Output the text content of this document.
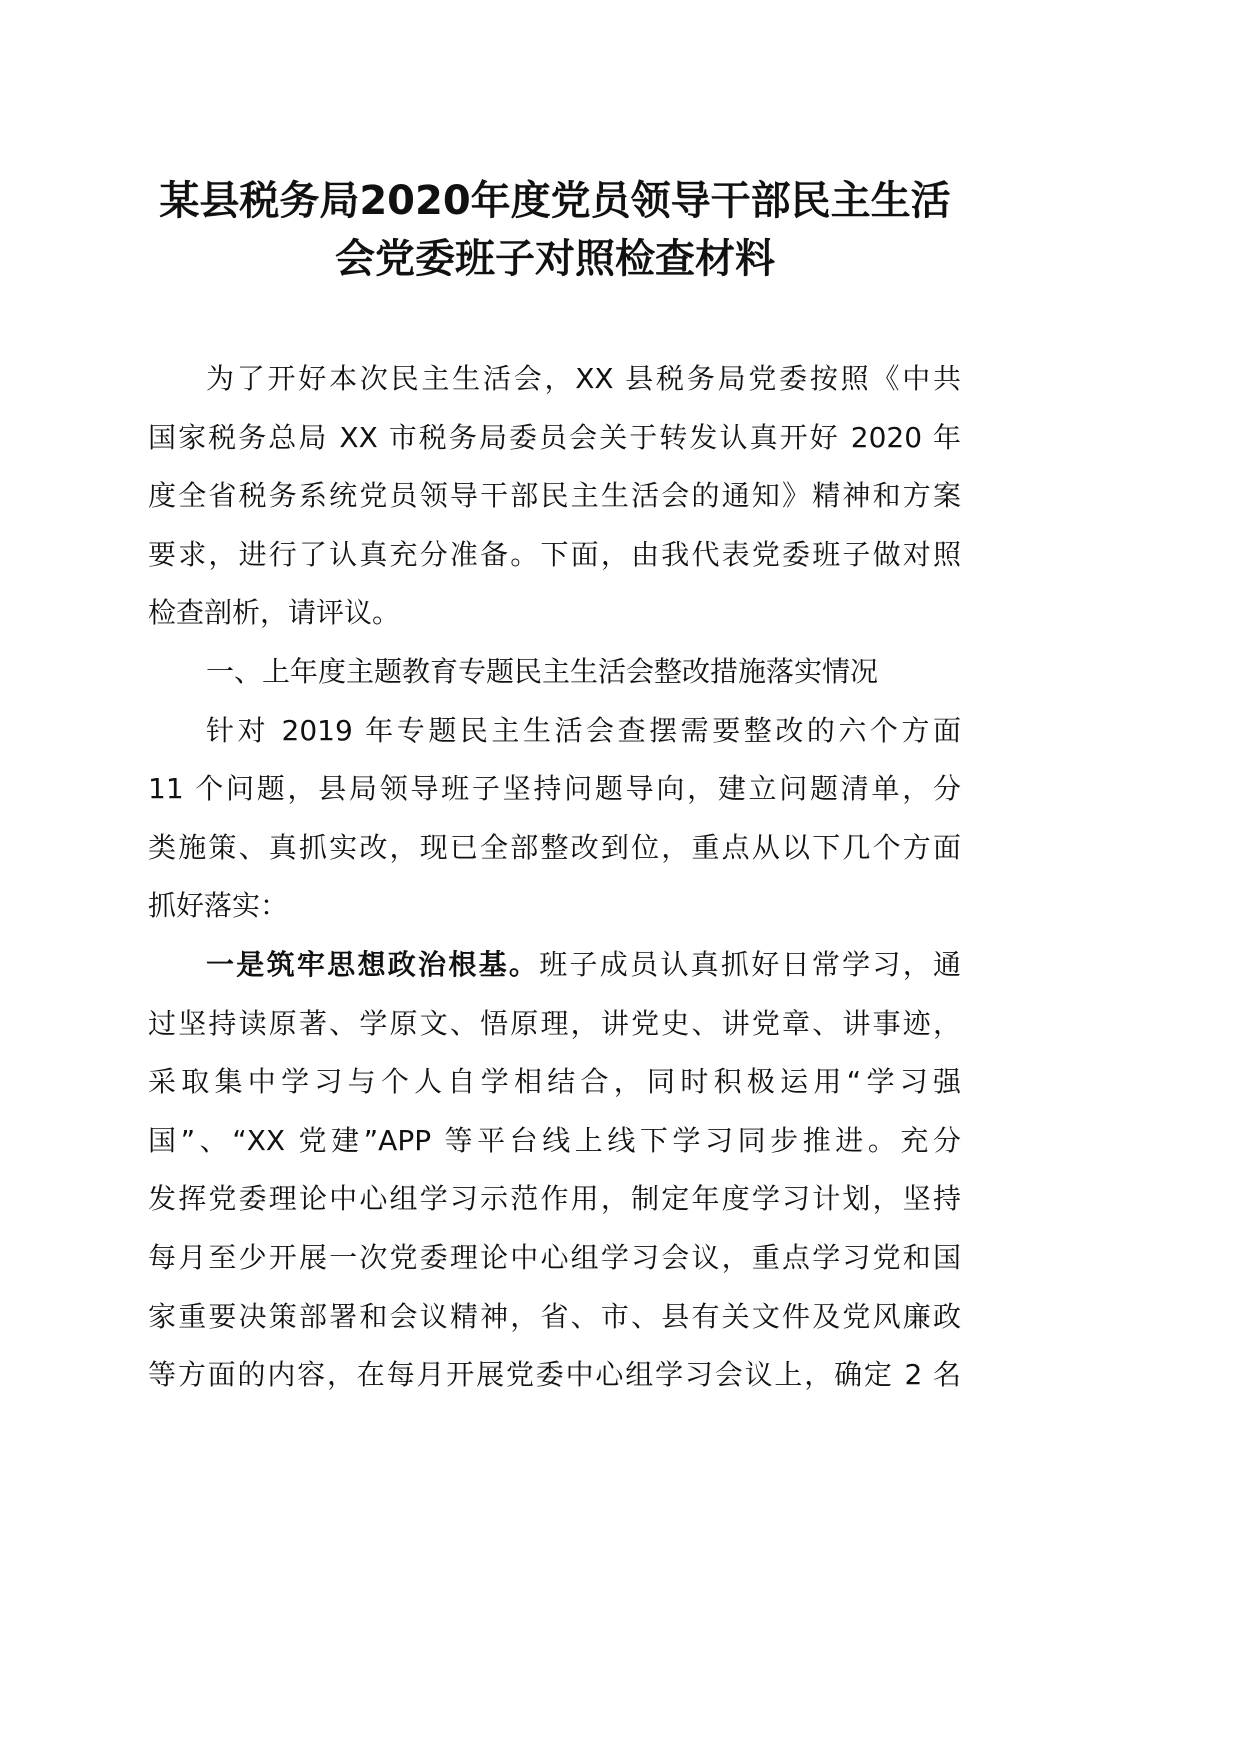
某县税务局2020年度党员领导干部民主生活
会党委班子对照检查材料
为了开好本次民主生活会，XX 县税务局党委按照《中共
国家税务总局 XX 市税务局委员会关于转发认真开好 2020 年
度全省税务系统党员领导干部民主生活会的通知》精神和方案
要求，进行了认真充分准备。下面，由我代表党委班子做对照
检查剖析，请评议。
一、上年度主题教育专题民主生活会整改措施落实情况
针对 2019 年专题民主生活会查摆需要整改的六个方面
11 个问题，县局领导班子坚持问题导向，建立问题清单，分
类施策、真抓实改，现已全部整改到位，重点从以下几个方面
抓好落实：
一是筑牢思想政治根基。班子成员认真抓好日常学习，通
过坚持读原著、学原文、悟原理，讲党史、讲党章、讲事迹，
采取集中学习与个人自学相结合，同时积极运用“学习强
国”、“XX 党建”APP 等平台线上线下学习同步推进。充分
发挥党委理论中心组学习示范作用，制定年度学习计划，坚持
每月至少开展一次党委理论中心组学习会议，重点学习党和国
家重要决策部署和会议精神，省、市、县有关文件及党风廉政
等方面的内容，在每月开展党委中心组学习会议上，确定 2 名
